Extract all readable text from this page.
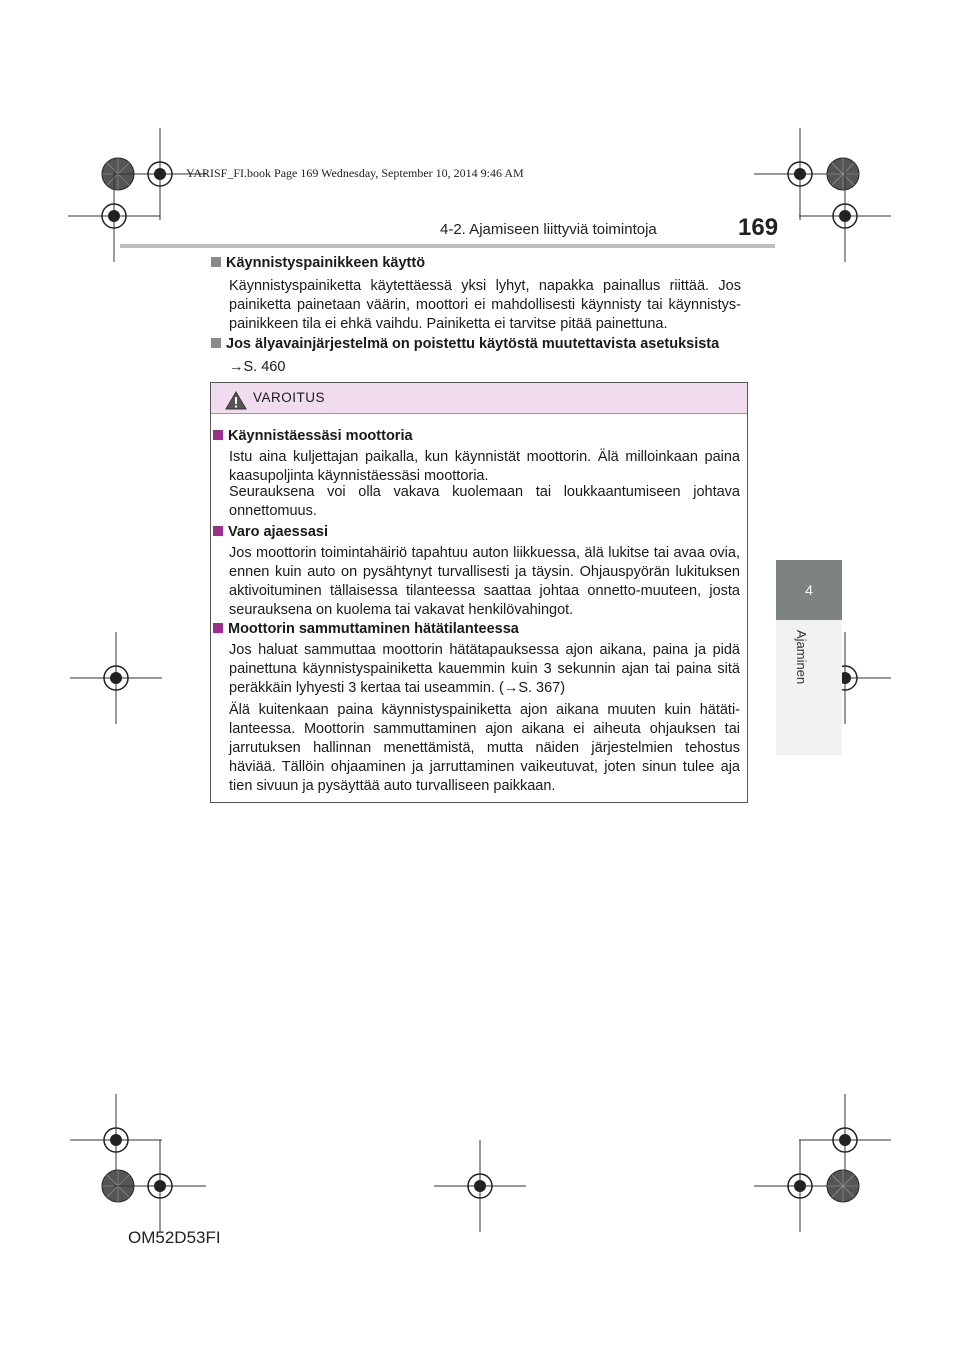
YARISF_FI.book Page 169 Wednesday, September 10, 2014 9:46 AM
4-2. Ajamiseen liittyviä toimintoja	169
4
Ajaminen
Käynnistyspainikkeen käyttö
Käynnistyspainiketta käytettäessä yksi lyhyt, napakka painallus riittää. Jos painiketta painetaan väärin, moottori ei mahdollisesti käynnisty tai käynnistys-painikkeen tila ei ehkä vaihdu. Painiketta ei tarvitse pitää painettuna.
Jos älyavainjärjestelmä on poistettu käytöstä muutettavista asetuksista
→S. 460
VAROITUS
Käynnistäessäsi moottoria
Istu aina kuljettajan paikalla, kun käynnistät moottorin. Älä milloinkaan paina kaasupoljinta käynnistäessäsi moottoria.
Seurauksena voi olla vakava kuolemaan tai loukkaantumiseen johtava onnettomuus.
Varo ajaessasi
Jos moottorin toimintahäiriö tapahtuu auton liikkuessa, älä lukitse tai avaa ovia, ennen kuin auto on pysähtynyt turvallisesti ja täysin. Ohjauspyörän lukituksen aktivoituminen tällaisessa tilanteessa saattaa johtaa onnetto-muuteen, josta seurauksena on kuolema tai vakavat henkilövahingot.
Moottorin sammuttaminen hätätilanteessa
Jos haluat sammuttaa moottorin hätätapauksessa ajon aikana, paina ja pidä painettuna käynnistyspainiketta kauemmin kuin 3 sekunnin ajan tai paina sitä peräkkäin lyhyesti 3 kertaa tai useammin. (→S. 367)
Älä kuitenkaan paina käynnistyspainiketta ajon aikana muuten kuin hätäti-lanteessa. Moottorin sammuttaminen ajon aikana ei aiheuta ohjauksen tai jarrutuksen hallinnan menettämistä, mutta näiden järjestelmien tehostus häviää. Tällöin ohjaaminen ja jarruttaminen vaikeutuvat, joten sinun tulee aja tien sivuun ja pysäyttää auto turvalliseen paikkaan.
OM52D53FI
